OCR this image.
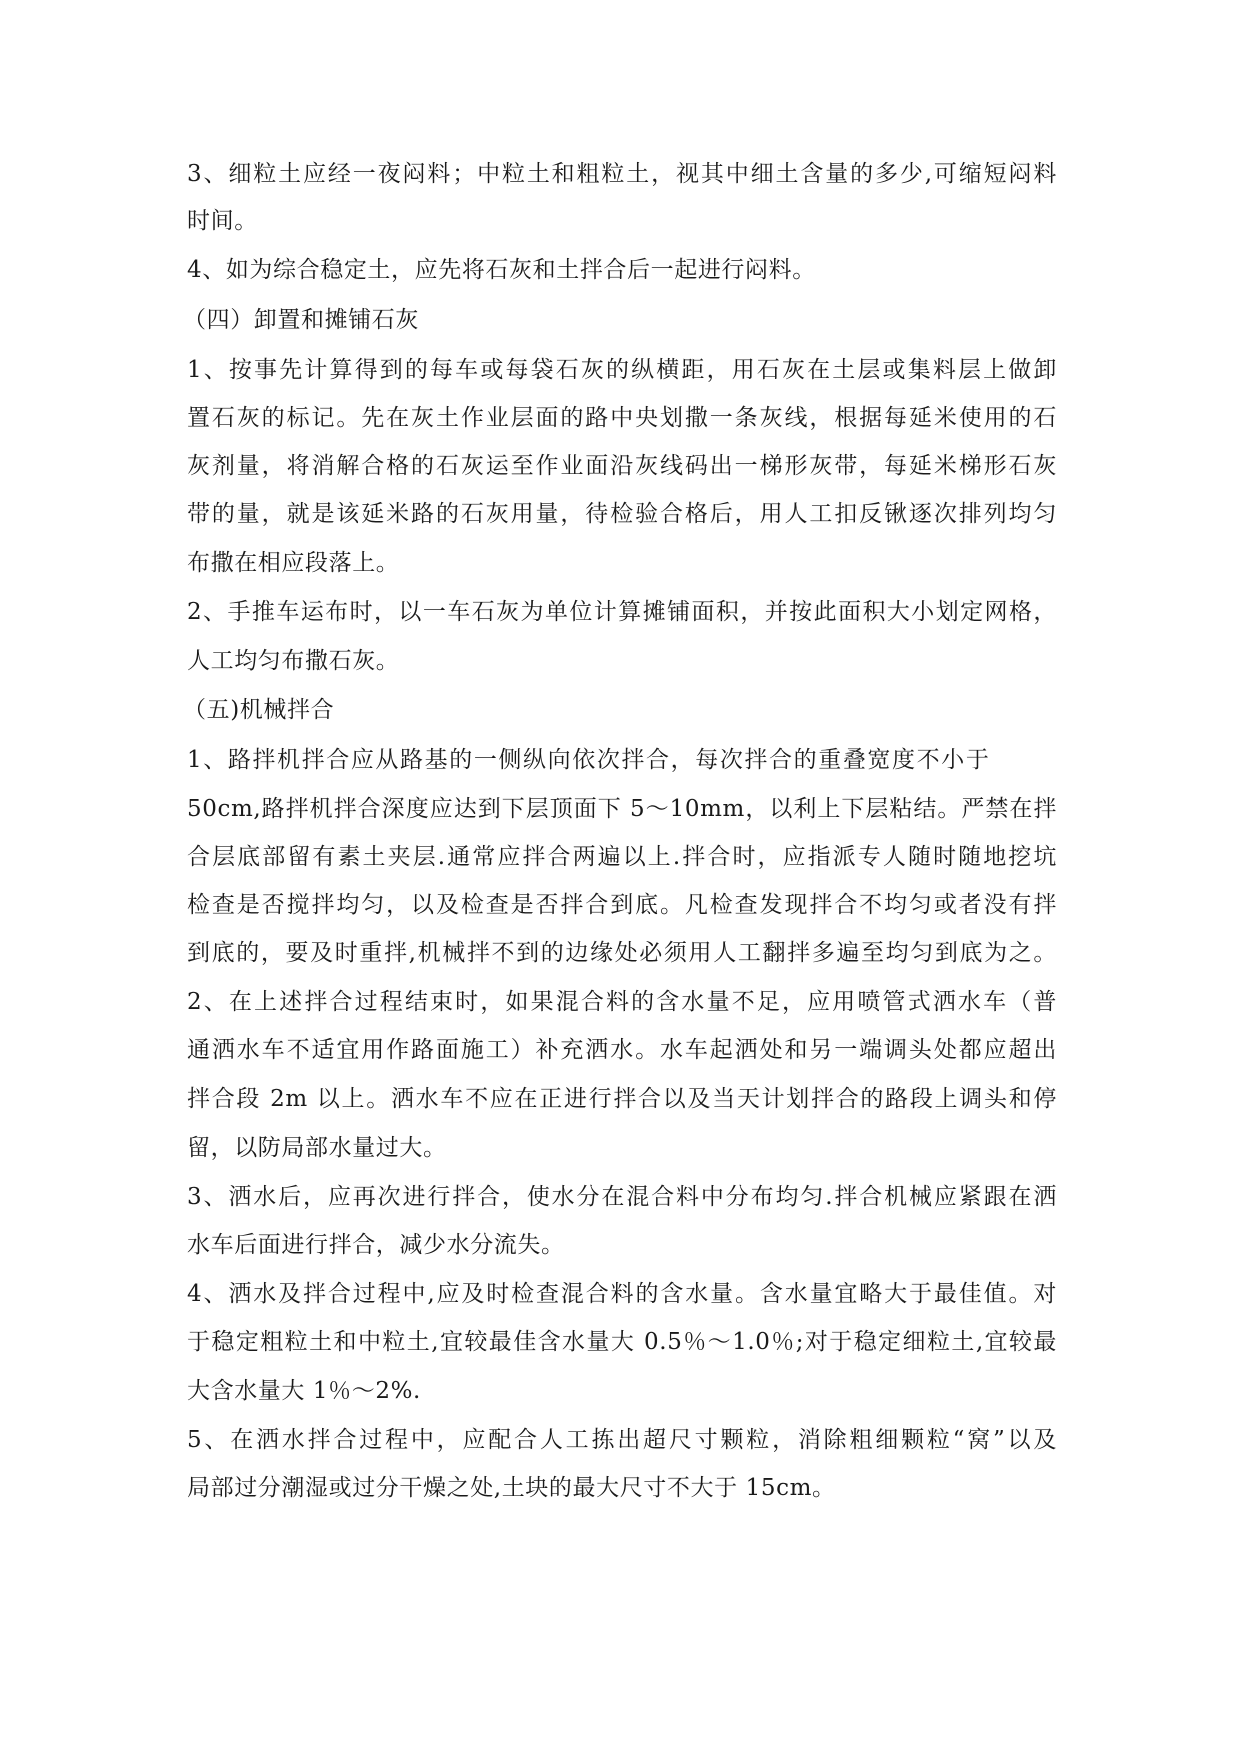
3、细粒土应经一夜闷料；中粒土和粗粒土，视其中细土含量的多少,可缩短闷料
时间。
4、如为综合稳定土，应先将石灰和土拌合后一起进行闷料。
（四）卸置和摊铺石灰
1、按事先计算得到的每车或每袋石灰的纵横距，用石灰在土层或集料层上做卸
置石灰的标记。先在灰土作业层面的路中央划撒一条灰线，根据每延米使用的石
灰剂量，将消解合格的石灰运至作业面沿灰线码出一梯形灰带，每延米梯形石灰
带的量，就是该延米路的石灰用量，待检验合格后，用人工扣反锹逐次排列均匀
布撒在相应段落上。
2、手推车运布时，以一车石灰为单位计算摊铺面积，并按此面积大小划定网格，
人工均匀布撒石灰。
（五)机械拌合
1、路拌机拌合应从路基的一侧纵向依次拌合，每次拌合的重叠宽度不小于
50cm,路拌机拌合深度应达到下层顶面下 5～10mm，以利上下层粘结。严禁在拌
合层底部留有素土夹层.通常应拌合两遍以上.拌合时，应指派专人随时随地挖坑
检查是否搅拌均匀，以及检查是否拌合到底。凡检查发现拌合不均匀或者没有拌
到底的，要及时重拌,机械拌不到的边缘处必须用人工翻拌多遍至均匀到底为之。
2、在上述拌合过程结束时，如果混合料的含水量不足，应用喷管式洒水车（普
通洒水车不适宜用作路面施工）补充洒水。水车起洒处和另一端调头处都应超出
拌合段 2m 以上。洒水车不应在正进行拌合以及当天计划拌合的路段上调头和停
留，以防局部水量过大。
3、洒水后，应再次进行拌合，使水分在混合料中分布均匀.拌合机械应紧跟在洒
水车后面进行拌合，减少水分流失。
4、洒水及拌合过程中,应及时检查混合料的含水量。含水量宜略大于最佳值。对
于稳定粗粒土和中粒土,宜较最佳含水量大 0.5％～1.0％;对于稳定细粒土,宜较最
大含水量大 1％～2%.
5、在洒水拌合过程中，应配合人工拣出超尺寸颗粒，消除粗细颗粒“窝”以及
局部过分潮湿或过分干燥之处,土块的最大尺寸不大于 15cm。
